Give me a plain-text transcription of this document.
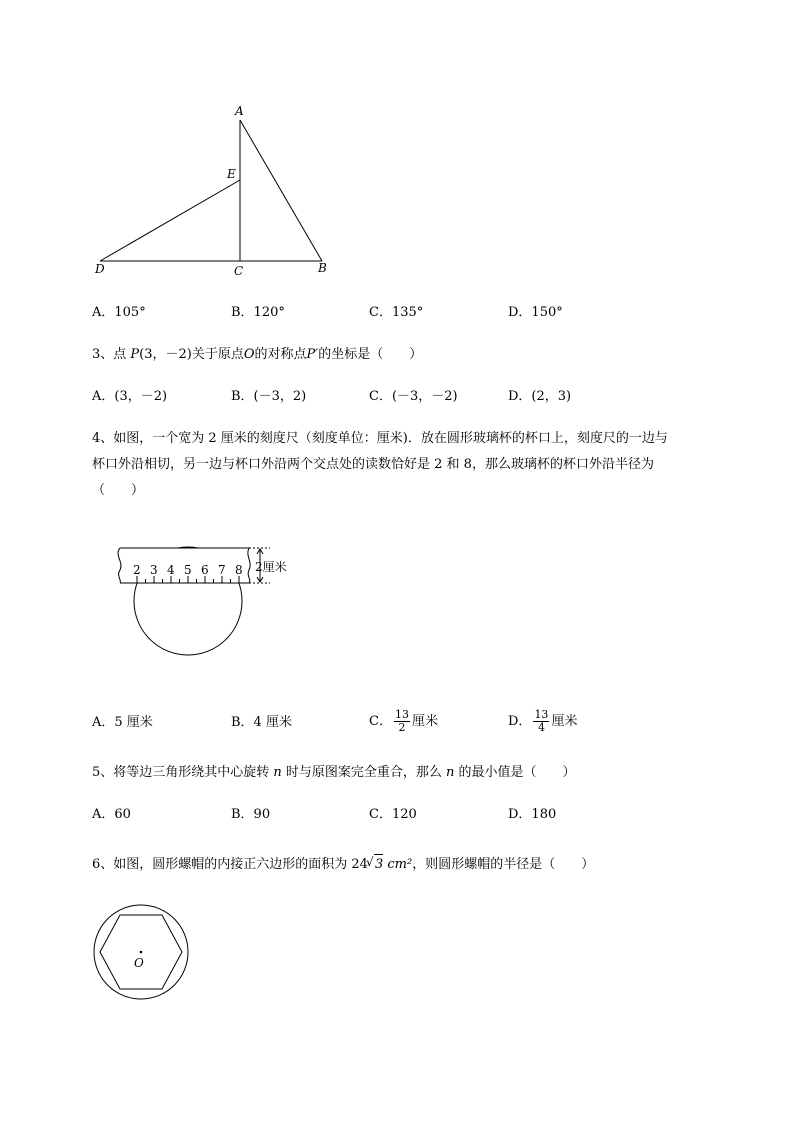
A
E
D	C	B
A．105°	B．120°	C．135°	D．150°
3、点 P(3，－2)关于原点O的对称点P′的坐标是（　　）
A．(3，－2)	B．(－3，2)	C．(－3，－2)	D．(2，3)
4、如图，一个宽为 2 厘米的刻度尺（刻度单位：厘米)．放在圆形玻璃杯的杯口上，刻度尺的一边与
杯口外沿相切，另一边与杯口外沿两个交点处的读数恰好是 2 和 8，那么玻璃杯的杯口外沿半径为
（　　）
2厘米
2 3 4 5 6 7 8
A．5 厘米	B．4 厘米	C． $\frac{13}{2}$ 厘米	D． $\frac{13}{4}$ 厘米
5、将等边三角形绕其中心旋转 n 时与原图案完全重合，那么 n 的最小值是（　　）
A．60	B．90	C．120	D．180
6、如图，圆形螺帽的内接正六边形的面积为 24√ 3 cm²，则圆形螺帽的半径是（　　）
O
